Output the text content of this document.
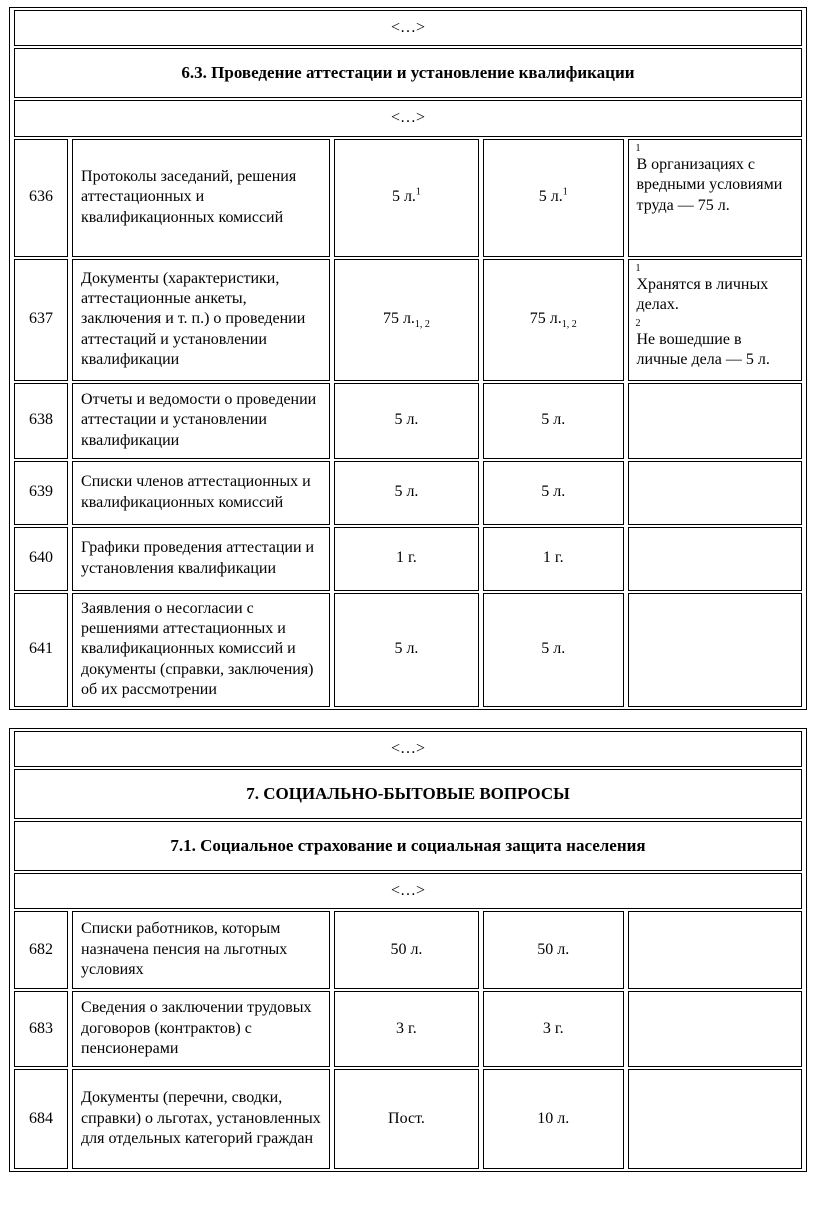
<…>				
6.3. Проведение аттестации и установление квалификации				
<…>				
636	Протоколы заседаний, решения аттестационных и квалификационных комиссий	5 л.$^1$	5 л.$^1$	1
В организациях с вредными условиями труда — 75 л.

637	Документы (характеристики, аттестационные анкеты, заключения и т. п.) о проведении аттестаций и установлении квалификации	75 $л._{1, 2}$	75 $л._{1, 2}$	1
Хранятся в личных делах.
2
Не вошедшие в личные дела — 5 л.

638	Отчеты и ведомости о проведении аттестации и установлении квалификации	5 л.	5 л.	
639	Списки членов аттестационных и квалификационных комиссий	5 л.	5 л.	
640	Графики проведения аттестации и установления квалификации	1 г.	1 г.	
641	Заявления о несогласии с решениями аттестационных и квалификационных комиссий и документы (справки, заключения) об их рассмотрении	5 л.	5 л.	
<…>				
7. СОЦИАЛЬНО-БЫТОВЫЕ ВОПРОСЫ				
7.1. Социальное страхование и социальная защита населения				
<…>				
682	Списки работников, которым назначена пенсия на льготных условиях	50 л.	50 л.	
683	Сведения о заключении трудовых договоров (контрактов) с пенсионерами	3 г.	3 г.	
684	Документы (перечни, сводки, справки) о льготах, установленных для отдельных категорий граждан	Пост.	10 л.	
